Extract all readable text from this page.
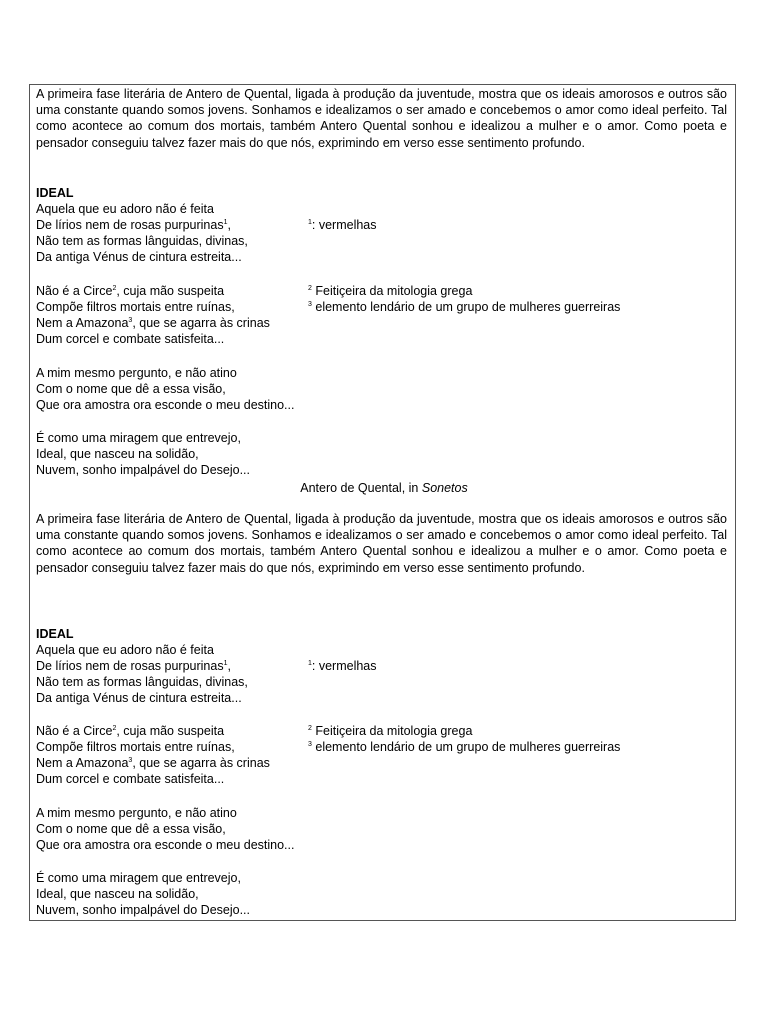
A primeira fase literária de Antero de Quental, ligada à produção da juventude, mostra que os ideais amorosos e outros são uma constante quando somos jovens. Sonhamos e idealizamos o ser amado e concebemos o amor como ideal perfeito. Tal como acontece ao comum dos mortais, também Antero Quental sonhou e idealizou a mulher e o amor. Como poeta e pensador conseguiu talvez fazer mais do que nós, exprimindo em verso esse sentimento profundo.
IDEAL
Aquela que eu adoro não é feita
De lírios nem de rosas purpurinas$^1$,
Não tem as formas lânguidas, divinas,
Da antiga Vénus de cintura estreita...
$^1$: vermelhas
Não é a Circe$^2$, cuja mão suspeita
Compõe filtros mortais entre ruínas,
Nem a Amazona$^3$, que se agarra às crinas
Dum corcel e combate satisfeita...
$^2$ Feitiçeira da mitologia grega
$^3$ elemento lendário de um grupo de mulheres guerreiras
A mim mesmo pergunto, e não atino
Com o nome que dê a essa visão,
Que ora amostra ora esconde o meu destino...
É como uma miragem que entrevejo,
Ideal, que nasceu na solidão,
Nuvem, sonho impalpável do Desejo...
Antero de Quental, in Sonetos
A primeira fase literária de Antero de Quental, ligada à produção da juventude, mostra que os ideais amorosos e outros são uma constante quando somos jovens. Sonhamos e idealizamos o ser amado e concebemos o amor como ideal perfeito. Tal como acontece ao comum dos mortais, também Antero Quental sonhou e idealizou a mulher e o amor. Como poeta e pensador conseguiu talvez fazer mais do que nós, exprimindo em verso esse sentimento profundo.
IDEAL
Aquela que eu adoro não é feita
De lírios nem de rosas purpurinas$^1$,
Não tem as formas lânguidas, divinas,
Da antiga Vénus de cintura estreita...
$^1$: vermelhas
Não é a Circe$^2$, cuja mão suspeita
Compõe filtros mortais entre ruínas,
Nem a Amazona$^3$, que se agarra às crinas
Dum corcel e combate satisfeita...
$^2$ Feitiçeira da mitologia grega
$^3$ elemento lendário de um grupo de mulheres guerreiras
A mim mesmo pergunto, e não atino
Com o nome que dê a essa visão,
Que ora amostra ora esconde o meu destino...
É como uma miragem que entrevejo,
Ideal, que nasceu na solidão,
Nuvem, sonho impalpável do Desejo...
